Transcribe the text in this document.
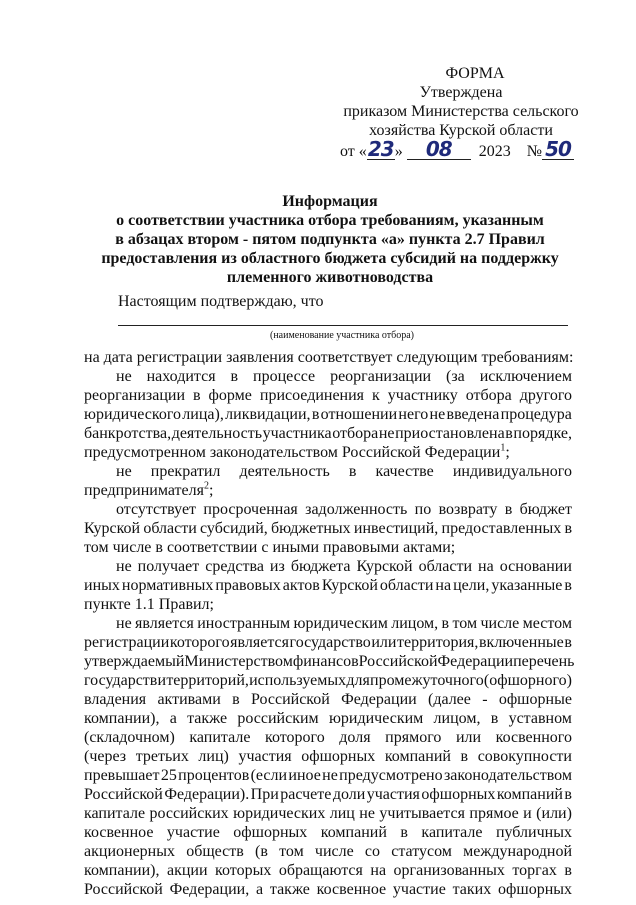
ФОРМА
Утверждена
приказом Министерства сельского
хозяйства Курской области
от «23» 08 2023 № 50
Информация
о соответствии участника отбора требованиям, указанным
в абзацах втором - пятом подпункта «а» пункта 2.7 Правил
предоставления из областного бюджета субсидий на поддержку
племенного животноводства
Настоящим подтверждаю, что
(наименование участника отбора)
на дата регистрации заявления соответствует следующим требованиям:
не находится в процессе реорганизации (за исключением
реорганизации в форме присоединения к участнику отбора другого
юридического лица), ликвидации, в отношении него не введена процедура
банкротства, деятельность участника отбора не приостановлена в порядке,
предусмотренном законодательством Российской Федерации$^1$;
не прекратил деятельность в качестве индивидуального
предпринимателя$^2$;
отсутствует просроченная задолженность по возврату в бюджет
Курской области субсидий, бюджетных инвестиций, предоставленных в
том числе в соответствии с иными правовыми актами;
не получает средства из бюджета Курской области на основании
иных нормативных правовых актов Курской области на цели, указанные в
пункте 1.1 Правил;
не является иностранным юридическим лицом, в том числе местом
регистрации которого является государство или территория, включенные в
утверждаемый Министерством финансов Российской Федерации перечень
государств и территорий, используемых для промежуточного (офшорного)
владения активами в Российской Федерации (далее - офшорные
компании), а также российским юридическим лицом, в уставном
(складочном) капитале которого доля прямого или косвенного
(через третьих лиц) участия офшорных компаний в совокупности
превышает 25 процентов (если иное не предусмотрено законодательством
Российской Федерации). При расчете доли участия офшорных компаний в
капитале российских юридических лиц не учитывается прямое и (или)
косвенное участие офшорных компаний в капитале публичных
акционерных обществ (в том числе со статусом международной
компании), акции которых обращаются на организованных торгах в
Российской Федерации, а также косвенное участие таких офшорных
